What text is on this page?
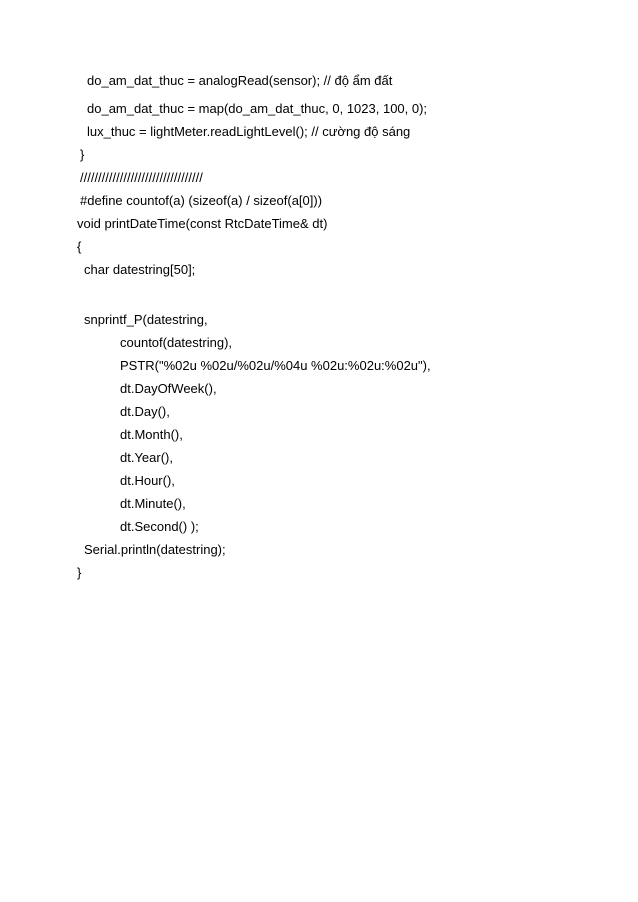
do_am_dat_thuc = analogRead(sensor); // độ ẩm đất
do_am_dat_thuc = map(do_am_dat_thuc, 0, 1023, 100, 0);
lux_thuc = lightMeter.readLightLevel(); // cường độ sáng
}
//////////////////////////////////
#define countof(a) (sizeof(a) / sizeof(a[0]))
void printDateTime(const RtcDateTime& dt)
{
char datestring[50];
snprintf_P(datestring,
countof(datestring),
PSTR("%02u %02u/%02u/%04u %02u:%02u:%02u"),
dt.DayOfWeek(),
dt.Day(),
dt.Month(),
dt.Year(),
dt.Hour(),
dt.Minute(),
dt.Second() );
Serial.println(datestring);
}
